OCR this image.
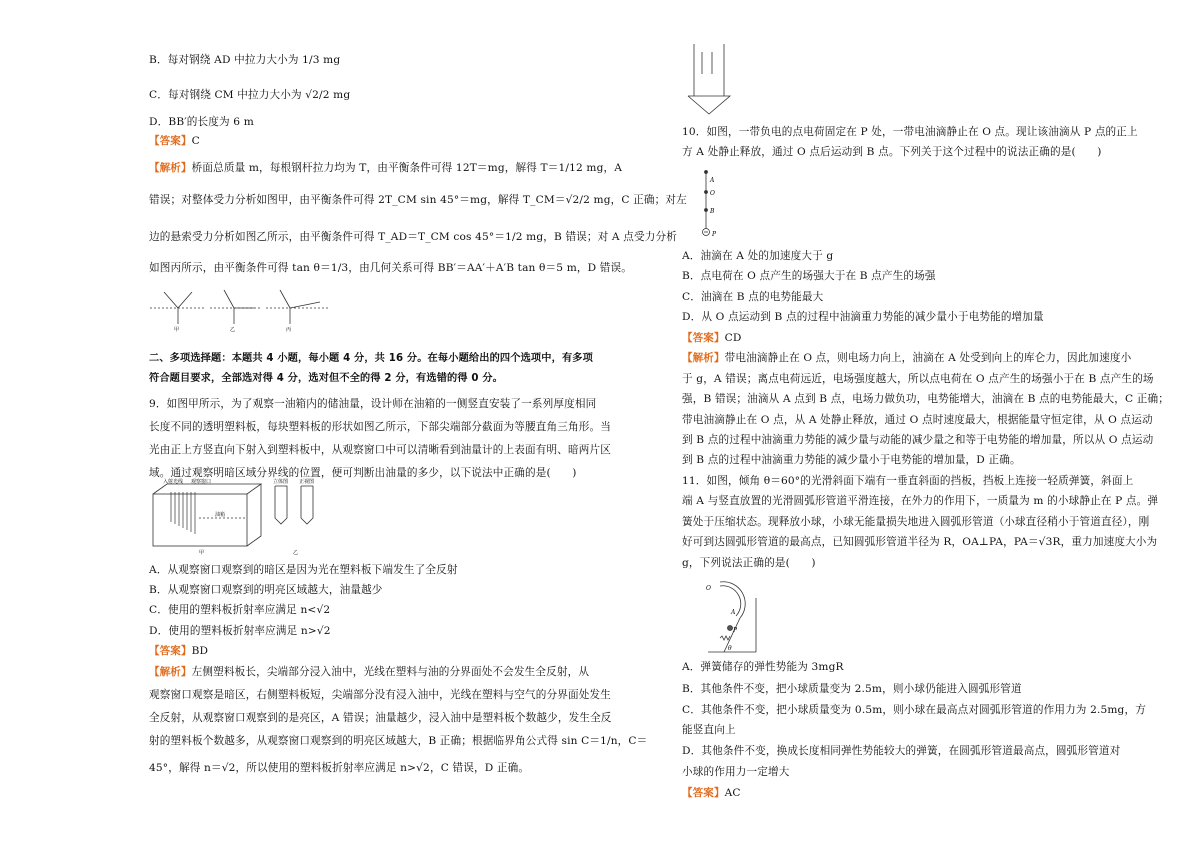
B．每对钢绕 AD 中拉力大小为 1/3 mg
C．每对钢绕 CM 中拉力大小为 √2/2 mg
D．BB′的长度为 6 m
【答案】C
【解析】桥面总质量 m，每根钢杆拉力均为 T，由平衡条件可得 12T＝mg，解得 T＝1/12 mg，A
错误；对整体受力分析如图甲，由平衡条件可得 2T_CM sin 45°＝mg，解得 T_CM＝√2/2 mg，C 正确；对左
边的悬索受力分析如图乙所示，由平衡条件可得 T_AD＝T_CM cos 45°＝1/2 mg，B 错误；对 A 点受力分析
如图丙所示，由平衡条件可得 tan θ＝1/3，由几何关系可得 BB′＝AA′＋A′B tan θ＝5 m，D 错误。
甲	乙	丙
二、多项选择题：本题共 4 小题，每小题 4 分，共 16 分。在每小题给出的四个选项中，有多项
符合题目要求，全部选对得 4 分，选对但不全的得 2 分，有选错的得 0 分。
9．如图甲所示，为了观察一油箱内的储油量，设计师在油箱的一侧竖直安装了一系列厚度相同
长度不同的透明塑料板，每块塑料板的形状如图乙所示，下部尖端部分截面为等腰直角三角形。当
光由正上方竖直向下射入到塑料板中，从观察窗口中可以清晰看到油量计的上表面有明、暗两片区
域。通过观察明暗区域分界线的位置，便可判断出油量的多少，以下说法中正确的是(　　)
入射光线 观察窗口
油箱
甲
立体图 正视图
乙
A．从观察窗口观察到的暗区是因为光在塑料板下端发生了全反射
B．从观察窗口观察到的明亮区域越大，油量越少
C．使用的塑料板折射率应满足 n<√2
D．使用的塑料板折射率应满足 n>√2
【答案】BD
【解析】左侧塑料板长，尖端部分浸入油中，光线在塑料与油的分界面处不会发生全反射，从
观察窗口观察是暗区，右侧塑料板短，尖端部分没有浸入油中，光线在塑料与空气的分界面处发生
全反射，从观察窗口观察到的是亮区，A 错误；油量越少，浸入油中是塑料板个数越少，发生全反
射的塑料板个数越多，从观察窗口观察到的明亮区域越大，B 正确；根据临界角公式得 sin C＝1/n，C＝
45°，解得 n＝√2，所以使用的塑料板折射率应满足 n>√2，C 错误，D 正确。
10．如图，一带负电的点电荷固定在 P 处，一带电油滴静止在 O 点。现让该油滴从 P 点的正上
方 A 处静止释放，通过 O 点后运动到 B 点。下列关于这个过程中的说法正确的是(　　)
A
O
B
P
A．油滴在 A 处的加速度大于 g
B．点电荷在 O 点产生的场强大于在 B 点产生的场强
C．油滴在 B 点的电势能最大
D．从 O 点运动到 B 点的过程中油滴重力势能的减少量小于电势能的增加量
【答案】CD
【解析】带电油滴静止在 O 点，则电场力向上，油滴在 A 处受到向上的库仑力，因此加速度小
于 g，A 错误；离点电荷远近，电场强度越大，所以点电荷在 O 点产生的场强小于在 B 点产生的场
强，B 错误；油滴从 A 点到 B 点，电场力做负功，电势能增大，油滴在 B 点的电势能最大，C 正确；
带电油滴静止在 O 点，从 A 处静止释放，通过 O 点时速度最大，根据能量守恒定律，从 O 点运动
到 B 点的过程中油滴重力势能的减少量与动能的减少量之和等于电势能的增加量，所以从 O 点运动
到 B 点的过程中油滴重力势能的减少量小于电势能的增加量，D 正确。
11．如图，倾角 θ＝60°的光滑斜面下端有一垂直斜面的挡板，挡板上连接一轻质弹簧，斜面上
端 A 与竖直放置的光滑圆弧形管道平滑连接，在外力的作用下，一质量为 m 的小球静止在 P 点。弹
簧处于压缩状态。现释放小球，小球无能量损失地进入圆弧形管道（小球直径稍小于管道直径），刚
好可到达圆弧形管道的最高点，已知圆弧形管道半径为 R，OA⊥PA，PA＝√3R，重力加速度大小为
g，下列说法正确的是(　　)
O
A
P
θ
A．弹簧储存的弹性势能为 3mgR
B．其他条件不变，把小球质量变为 2.5m，则小球仍能进入圆弧形管道
C．其他条件不变，把小球质量变为 0.5m，则小球在最高点对圆弧形管道的作用力为 2.5mg，方
能竖直向上
D．其他条件不变，换成长度相同弹性势能较大的弹簧，在圆弧形管道最高点，圆弧形管道对
小球的作用力一定增大
【答案】AC
